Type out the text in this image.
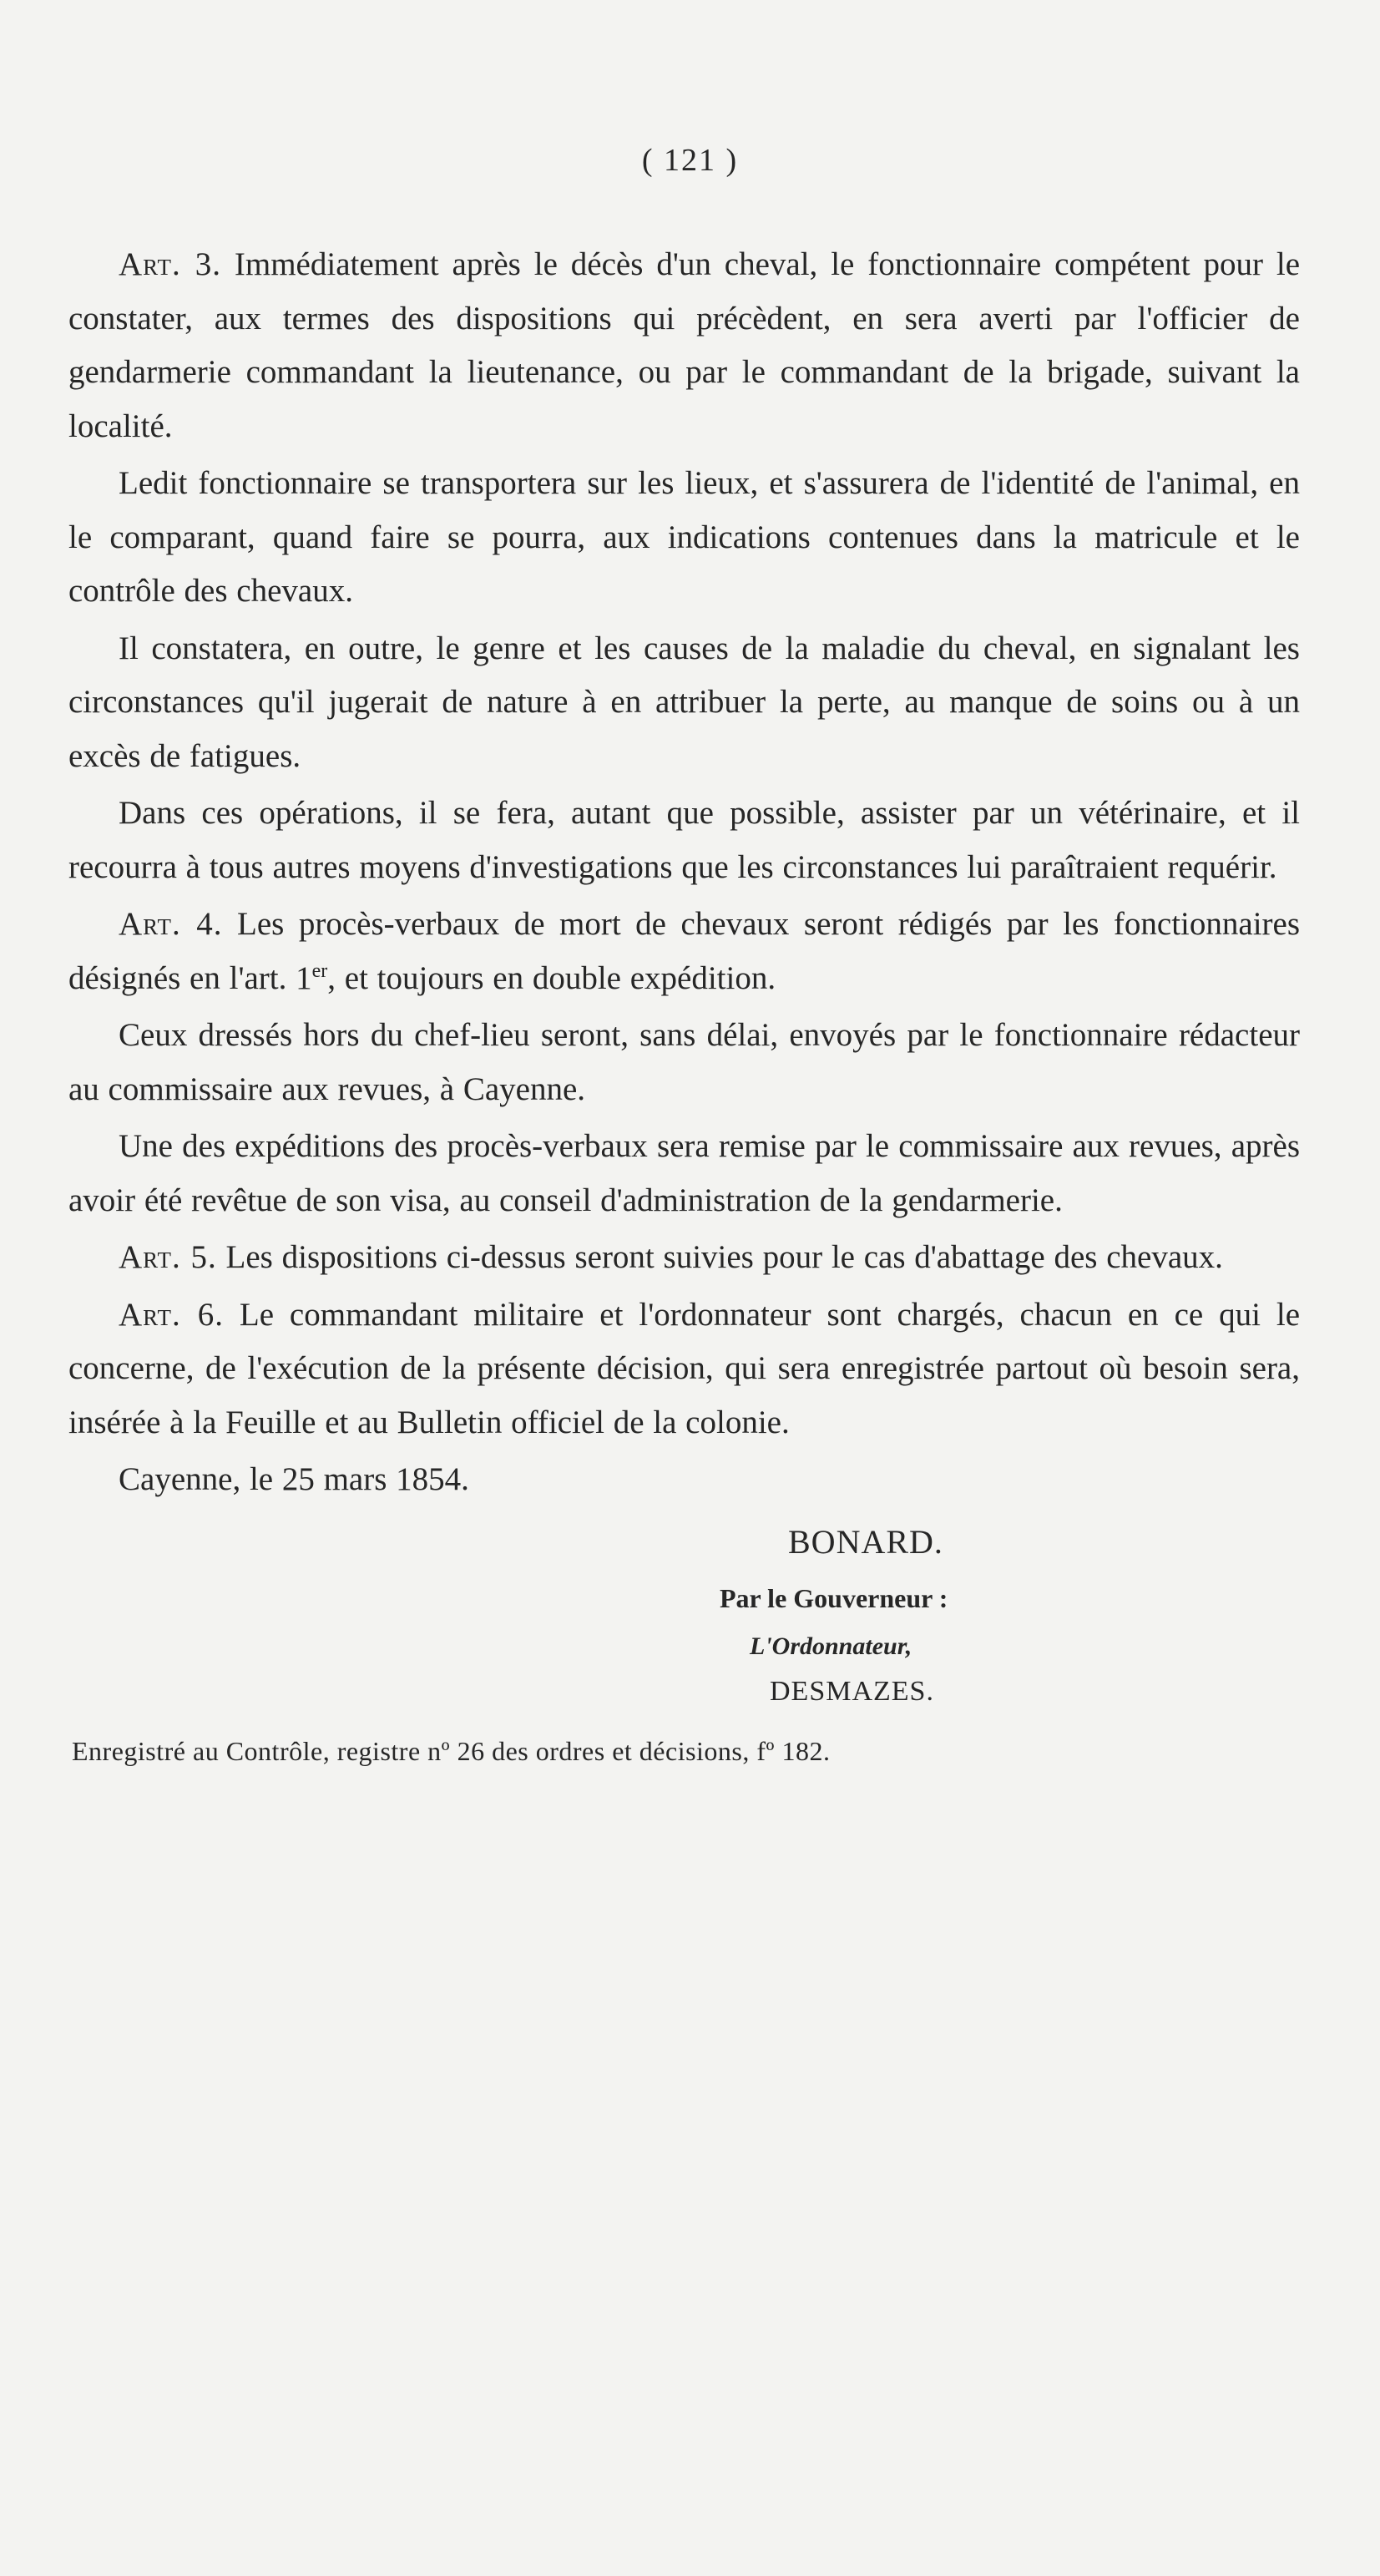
( 121 )

Art. 3. Immédiatement après le décès d'un cheval, le fonctionnaire compétent pour le constater, aux termes des dispositions qui précèdent, en sera averti par l'officier de gendarmerie commandant la lieutenance, ou par le commandant de la brigade, suivant la localité.

Ledit fonctionnaire se transportera sur les lieux, et s'assurera de l'identité de l'animal, en le comparant, quand faire se pourra, aux indications contenues dans la matricule et le contrôle des chevaux.

Il constatera, en outre, le genre et les causes de la maladie du cheval, en signalant les circonstances qu'il jugerait de nature à en attribuer la perte, au manque de soins ou à un excès de fatigues.

Dans ces opérations, il se fera, autant que possible, assister par un vétérinaire, et il recourra à tous autres moyens d'investigations que les circonstances lui paraîtraient requérir.

Art. 4. Les procès-verbaux de mort de chevaux seront rédigés par les fonctionnaires désignés en l'art. 1er, et toujours en double expédition.

Ceux dressés hors du chef-lieu seront, sans délai, envoyés par le fonctionnaire rédacteur au commissaire aux revues, à Cayenne.

Une des expéditions des procès-verbaux sera remise par le commissaire aux revues, après avoir été revêtue de son visa, au conseil d'administration de la gendarmerie.

Art. 5. Les dispositions ci-dessus seront suivies pour le cas d'abattage des chevaux.

Art. 6. Le commandant militaire et l'ordonnateur sont chargés, chacun en ce qui le concerne, de l'exécution de la présente décision, qui sera enregistrée partout où besoin sera, insérée à la Feuille et au Bulletin officiel de la colonie.

Cayenne, le 25 mars 1854.

BONARD.
Par le Gouverneur :
L'Ordonnateur,
DESMAZES.
Enregistré au Contrôle, registre nº 26 des ordres et décisions, fº 182.
